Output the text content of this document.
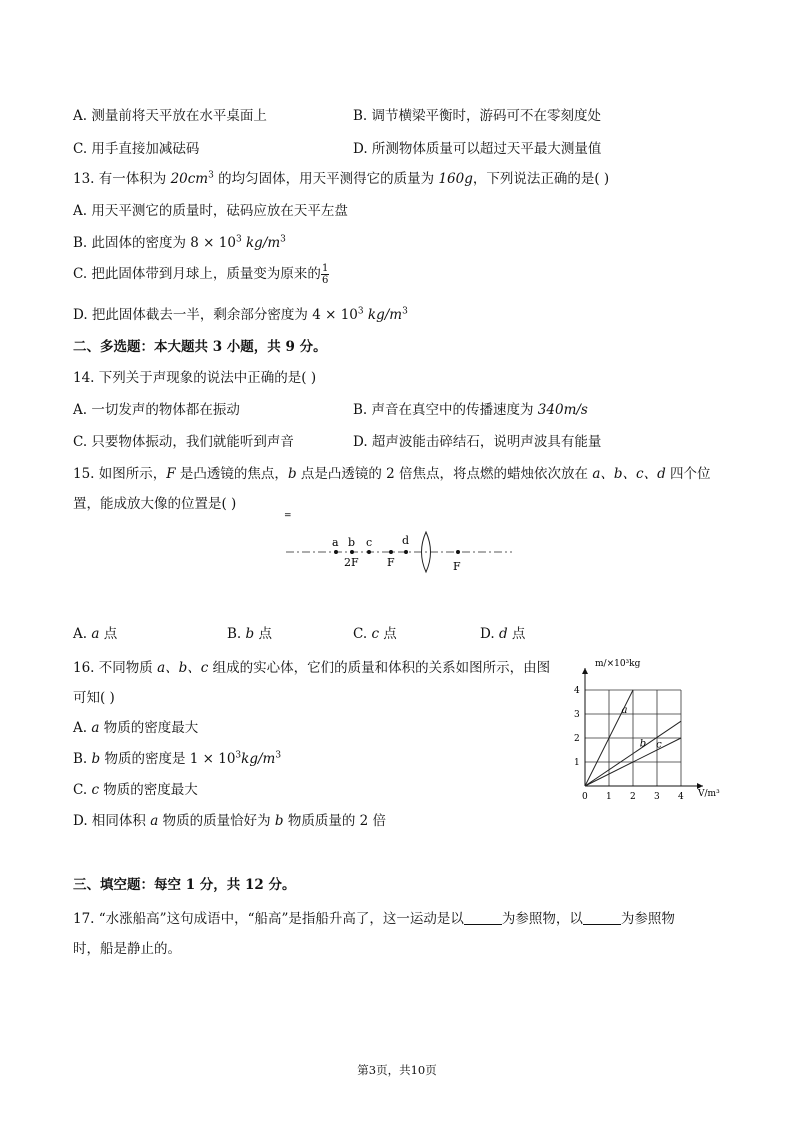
A. 测量前将天平放在水平桌面上	B. 调节横梁平衡时，游码可不在零刻度处
C. 用手直接加减砝码	D. 所测物体质量可以超过天平最大测量值
13. 有一体积为 $20cm^3$ 的均匀固体，用天平测得它的质量为 160g，下列说法正确的是( )
A. 用天平测它的质量时，砝码应放在天平左盘
B. 此固体的密度为 $8 \times 10^3$ $kg/m^3$
C. 把此固体带到月球上，质量变为原来的 $\frac{1}{6}$
D. 把此固体截去一半，剩余部分密度为 $4 \times 10^3$ $kg/m^3$
二、多选题：本大题共 3 小题，共 9 分。
14. 下列关于声现象的说法中正确的是( )
A. 一切发声的物体都在振动	B. 声音在真空中的传播速度为 340m/s
C. 只要物体振动，我们就能听到声音	D. 超声波能击碎结石，说明声波具有能量
15. 如图所示，F 是凸透镜的焦点，b 点是凸透镜的 2 倍焦点，将点燃的蜡烛依次放在 a、b、c、d 四个位
置，能成放大像的位置是( )
=
a b c	d
2F	F	F
A. a 点	B. b 点	C. c 点	D. d 点
16. 不同物质 a、b、c 组成的实心体，它们的质量和体积的关系如图所示，由图
可知( )
A. a 物质的密度最大
B. b 物质的密度是 $1 \times 10^3kg/m^3$
C. c 物质的密度最大
D. 相同体积 a 物质的质量恰好为 b 物质质量的 2 倍
0 1 2 3 4
1
2
3
4
a
b c
m/×10³kg
V/m³
三、填空题：每空 1 分，共 12 分。
17. “水涨船高”这句成语中，“船高”是指船升高了，这一运动是以	为参照物，以	为参照物
时，船是静止的。
第3页，共10页
